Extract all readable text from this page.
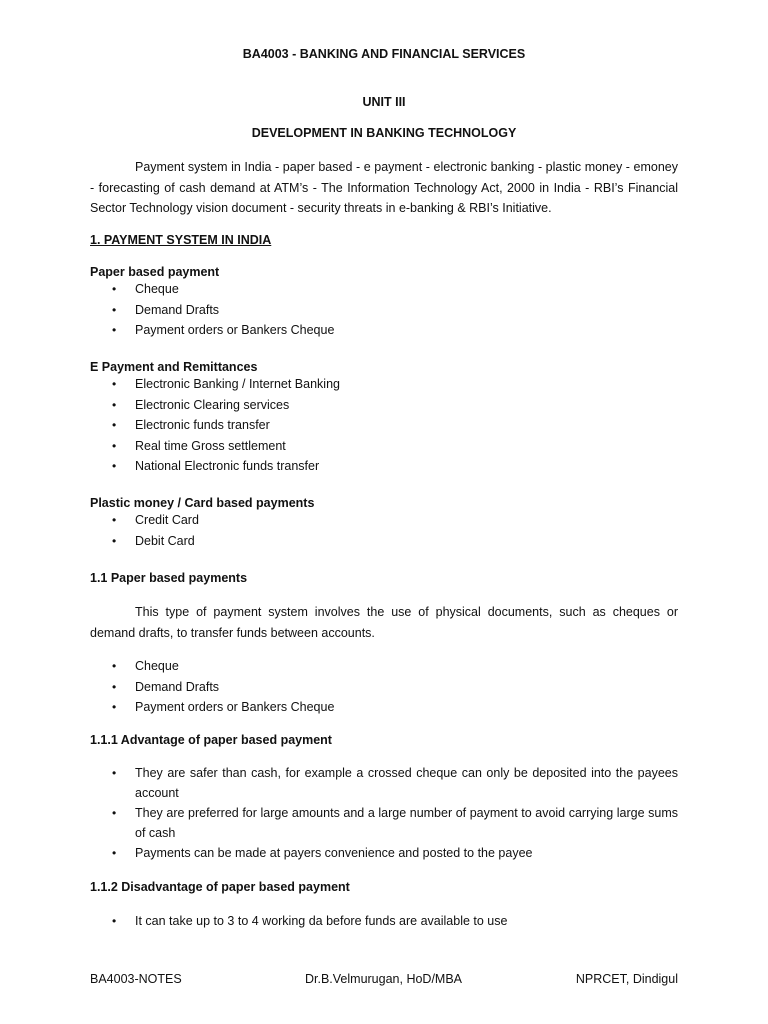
BA4003 - BANKING AND FINANCIAL SERVICES
UNIT III
DEVELOPMENT IN BANKING TECHNOLOGY

Payment system in India - paper based - e payment - electronic banking - plastic money - emoney - forecasting of cash demand at ATM’s - The Information Technology Act, 2000 in India - RBI’s Financial Sector Technology vision document - security threats in e-banking & RBI’s Initiative.

1. PAYMENT SYSTEM IN INDIA

Paper based payment

• Cheque
• Demand Drafts
• Payment orders or Bankers Cheque

E Payment and Remittances

• Electronic Banking / Internet Banking
• Electronic Clearing services
• Electronic funds transfer
• Real time Gross settlement
• National Electronic funds transfer

Plastic money / Card based payments

• Credit Card
• Debit Card

1.1 Paper based payments

This type of payment system involves the use of physical documents, such as cheques or demand drafts, to transfer funds between accounts.

• Cheque
• Demand Drafts
• Payment orders or Bankers Cheque

1.1.1 Advantage of paper based payment

• They are safer than cash, for example a crossed cheque can only be deposited into the payees account
• They are preferred for large amounts and a large number of payment to avoid carrying large sums of cash
• Payments can be made at payers convenience and posted to the payee

1.1.2 Disadvantage of paper based payment

• It can take up to 3 to 4 working da before funds are available to use
BA4003-NOTES	Dr.B.Velmurugan, HoD/MBA	NPRCET, Dindigul
